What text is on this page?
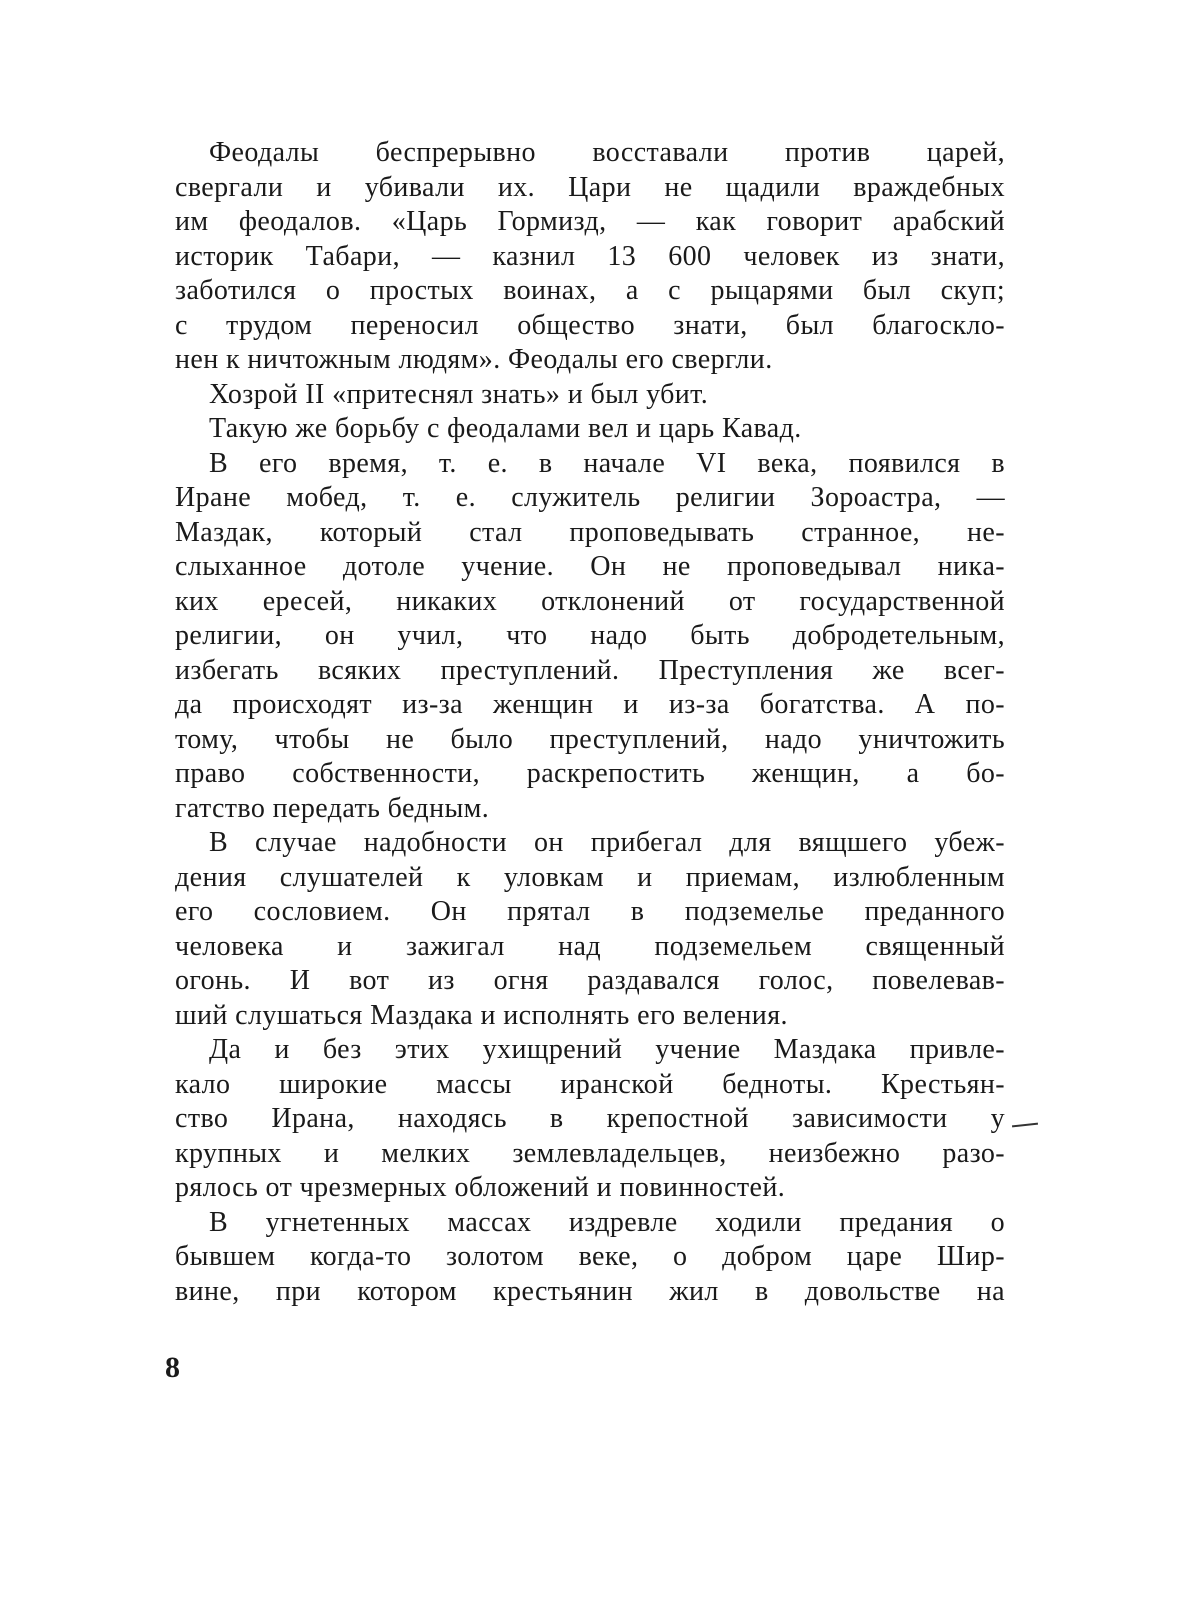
Феодалы беспрерывно восставали против царей,
свергали и убивали их. Цари не щадили враждебных
им феодалов. «Царь Гормизд, — как говорит арабский
историк Табари, — казнил 13 600 человек из знати,
заботился о простых воинах, а с рыцарями был скуп;
с трудом переносил общество знати, был благоскло-
нен к ничтожным людям». Феодалы его свергли.
Хозрой II «притеснял знать» и был убит.
Такую же борьбу с феодалами вел и царь Кавад.
В его время, т. е. в начале VI века, появился в
Иране мобед, т. е. служитель религии Зороастра, —
Маздак, который стал проповедывать странное, не-
слыханное дотоле учение. Он не проповедывал никa-
ких ересей, никаких отклонений от государственной
религии, он учил, что надо быть добродетельным,
избегать всяких преступлений. Преступления же всег-
да происходят из-за женщин и из-за богатства. А по-
тому, чтобы не было преступлений, надо уничтожить
право собственности, раскрепостить женщин, а бо-
гатство передать бедным.
В случае надобности он прибегал для вящшего убеж-
дения слушателей к уловкам и приемам, излюбленным
его сословием. Он прятал в подземелье преданного
человека и зажигал над подземельем священный
огонь. И вот из огня раздавался голос, повелевав-
ший слушаться Маздака и исполнять его веления.
Да и без этих ухищрений учение Маздака привле-
кало широкие массы иранской бедноты. Крестьян-
ство Ирана, находясь в крепостной зависимости у
крупных и мелких землевладельцев, неизбежно разо-
рялось от чрезмерных обложений и повинностей.
В угнетенных массах издревле ходили предания о
бывшем когда-то золотом веке, о добром царе Шир-
вине, при котором крестьянин жил в довольстве на
8
